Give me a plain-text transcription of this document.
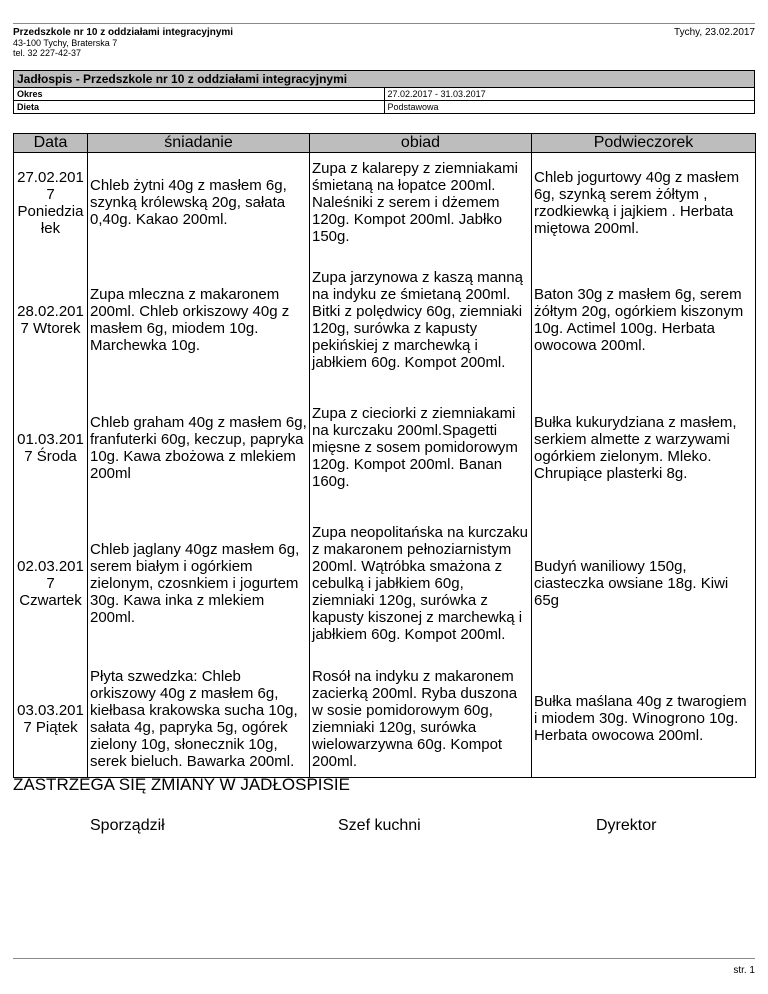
Przedszkole nr 10 z oddziałami integracyjnymi
43-100 Tychy, Braterska 7
tel. 32 227-42-37
Tychy, 23.02.2017
Jadłospis - Przedszkole nr 10 z oddziałami integracyjnymi	
Okres	27.02.2017 - 31.03.2017
Dieta	Podstawowa
Data	śniadanie	obiad	Podwieczorek
27.02.2017 Poniedziałek	Chleb żytni 40g z masłem 6g, szynką królewską 20g, sałata 0,40g. Kakao 200ml.	Zupa z kalarepy z ziemniakami śmietaną na łopatce 200ml. Naleśniki z serem i dżemem 120g. Kompot 200ml. Jabłko 150g.	Chleb jogurtowy 40g z masłem 6g, szynką serem żółtym , rzodkiewką i jajkiem . Herbata miętowa 200ml.
28.02.2017 Wtorek	Zupa mleczna z makaronem 200ml. Chleb orkiszowy 40g z masłem 6g, miodem 10g. Marchewka 10g.	Zupa jarzynowa z kaszą manną na indyku ze śmietaną 200ml. Bitki z polędwicy 60g, ziemniaki 120g, surówka z kapusty pekińskiej z marchewką i jabłkiem 60g. Kompot 200ml.	Baton 30g z masłem 6g, serem żółtym 20g, ogórkiem kiszonym 10g. Actimel 100g. Herbata owocowa 200ml.
01.03.2017 Środa	Chleb graham 40g z masłem 6g, franfuterki 60g, keczup, papryka 10g. Kawa zbożowa z mlekiem 200ml	Zupa z cieciorki z ziemniakami na kurczaku 200ml.Spagetti mięsne z sosem pomidorowym 120g. Kompot 200ml. Banan 160g.	Bułka kukurydziana z masłem, serkiem almette z warzywami ogórkiem zielonym. Mleko. Chrupiące plasterki 8g.
02.03.2017 Czwartek	Chleb jaglany 40gz masłem 6g, serem białym i ogórkiem zielonym, czosnkiem i jogurtem 30g. Kawa inka z mlekiem 200ml.	Zupa neopolitańska na kurczaku z makaronem pełnoziarnistym 200ml. Wątróbka smażona z cebulką i jabłkiem 60g, ziemniaki 120g, surówka z kapusty kiszonej z marchewką i jabłkiem 60g. Kompot 200ml.	Budyń waniliowy 150g, ciasteczka owsiane 18g. Kiwi 65g
03.03.2017 Piątek	Płyta szwedzka: Chleb orkiszowy 40g z masłem 6g, kiełbasa krakowska sucha 10g, sałata 4g, papryka 5g, ogórek zielony 10g, słonecznik 10g, serek bieluch. Bawarka 200ml.	Rosół na indyku z makaronem zacierką 200ml. Ryba duszona w sosie pomidorowym 60g, ziemniaki 120g, surówka wielowarzywna 60g. Kompot 200ml.	Bułka maślana 40g z twarogiem i miodem 30g. Winogrono 10g. Herbata owocowa 200ml.
ZASTRZEGA SIĘ ZMIANY W JADŁOSPISIE
Sporządził	Szef kuchni	Dyrektor
str. 1
